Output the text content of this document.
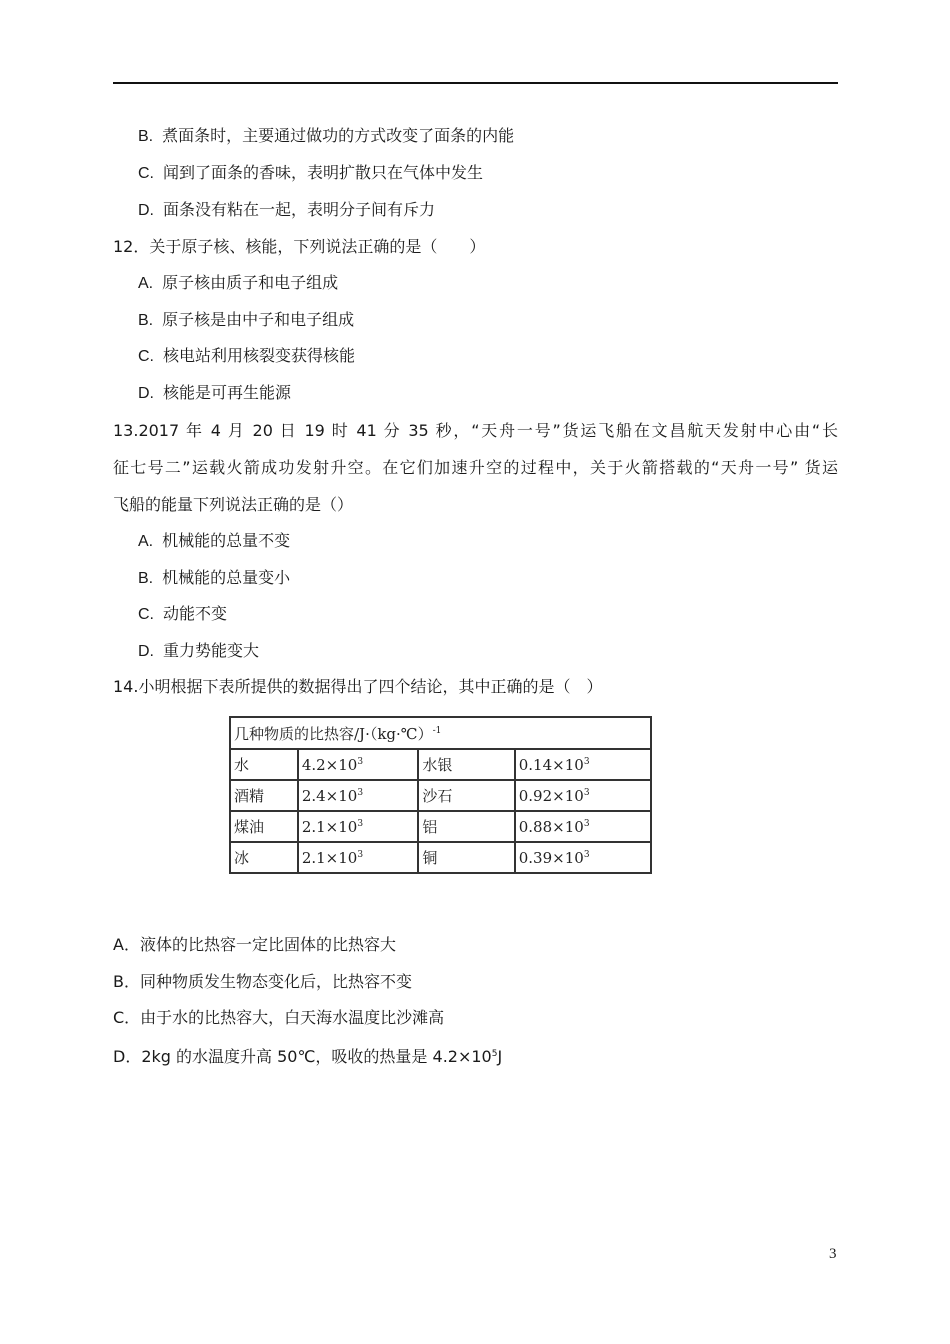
B. 煮面条时，主要通过做功的方式改变了面条的内能
C. 闻到了面条的香味，表明扩散只在气体中发生
D. 面条没有粘在一起，表明分子间有斥力
12．关于原子核、核能，下列说法正确的是（　　）
A. 原子核由质子和电子组成
B. 原子核是由中子和电子组成
C. 核电站利用核裂变获得核能
D. 核能是可再生能源
13.2017 年 4 月 20 日 19 时 41 分 35 秒，“天舟一号”货运飞船在文昌航天发射中心由“长
征七号二”运载火箭成功发射升空。在它们加速升空的过程中，关于火箭搭载的“天舟一号” 货运
飞船的能量下列说法正确的是（）
A. 机械能的总量不变
B. 机械能的总量变小
C. 动能不变
D. 重力势能变大
14.小明根据下表所提供的数据得出了四个结论，其中正确的是（　）
几种物质的比热容/J·（kg·℃）$^{-1}$
水	$4.2\times 10^3$	水银	$0.14\times 10^3$
酒精	$2.4\times 10^3$	沙石	$0.92\times 10^3$
煤油	$2.1\times 10^3$	铝	$0.88\times 10^3$
冰	$2.1\times 10^3$	铜	$0.39\times 10^3$
A．液体的比热容一定比固体的比热容大
B．同种物质发生物态变化后，比热容不变
C．由于水的比热容大，白天海水温度比沙滩高
D．2kg 的水温度升高 50℃，吸收的热量是 $4.2\times 10^5J$
3
